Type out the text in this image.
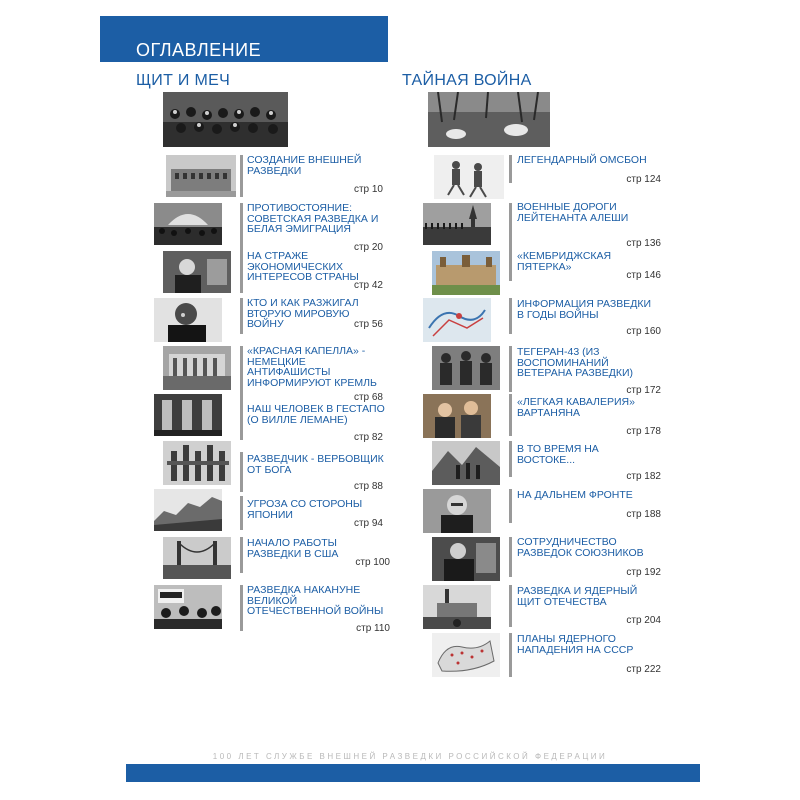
ОГЛАВЛЕНИЕ
ЩИТ И МЕЧ	ТАЙНАЯ ВОЙНА
СОЗДАНИЕ ВНЕШНЕЙ РАЗВЕДКИ
стр 10
ПРОТИВОСТОЯНИЕ: СОВЕТСКАЯ РАЗВЕДКА И БЕЛАЯ ЭМИГРАЦИЯ
стр 20
НА СТРАЖЕ ЭКОНОМИЧЕСКИХ ИНТЕРЕСОВ СТРАНЫ
стр 42
КТО И КАК РАЗЖИГАЛ ВТОРУЮ МИРОВУЮ ВОЙНУ	стр 56
«КРАСНАЯ КАПЕЛЛА» - НЕМЕЦКИЕ АНТИФАШИСТЫ ИНФОРМИРУЮТ КРЕМЛЬ
стр 68
НАШ ЧЕЛОВЕК В ГЕСТАПО (О ВИЛЛЕ ЛЕМАНЕ)
стр 82
РАЗВЕДЧИК - ВЕРБОВЩИК ОТ БОГА
стр 88
УГРОЗА СО СТОРОНЫ ЯПОНИИ
стр 94
НАЧАЛО РАБОТЫ РАЗВЕДКИ В США
стр 100
РАЗВЕДКА НАКАНУНЕ ВЕЛИКОЙ ОТЕЧЕСТВЕННОЙ ВОЙНЫ
стр 110
ЛЕГЕНДАРНЫЙ ОМСБОН
стр 124
ВОЕННЫЕ ДОРОГИ ЛЕЙТЕНАНТА АЛЕШИ
стр 136
«КЕМБРИДЖСКАЯ ПЯТЕРКА»
стр 146
ИНФОРМАЦИЯ РАЗВЕДКИ В ГОДЫ ВОЙНЫ
стр 160
ТЕГЕРАН-43 (ИЗ ВОСПОМИНАНИЙ ВЕТЕРАНА РАЗВЕДКИ)
стр 172
«ЛЕГКАЯ КАВАЛЕРИЯ» ВАРТАНЯНА
стр 178
В ТО ВРЕМЯ НА ВОСТОКЕ...
стр 182
НА ДАЛЬНЕМ ФРОНТЕ
стр 188
СОТРУДНИЧЕСТВО РАЗВЕДОК СОЮЗНИКОВ
стр 192
РАЗВЕДКА И ЯДЕРНЫЙ ЩИТ ОТЕЧЕСТВА
стр 204
ПЛАНЫ ЯДЕРНОГО НАПАДЕНИЯ НА СССР
стр 222
100 ЛЕТ СЛУЖБЕ ВНЕШНЕЙ РАЗВЕДКИ РОССИЙСКОЙ ФЕДЕРАЦИИ
